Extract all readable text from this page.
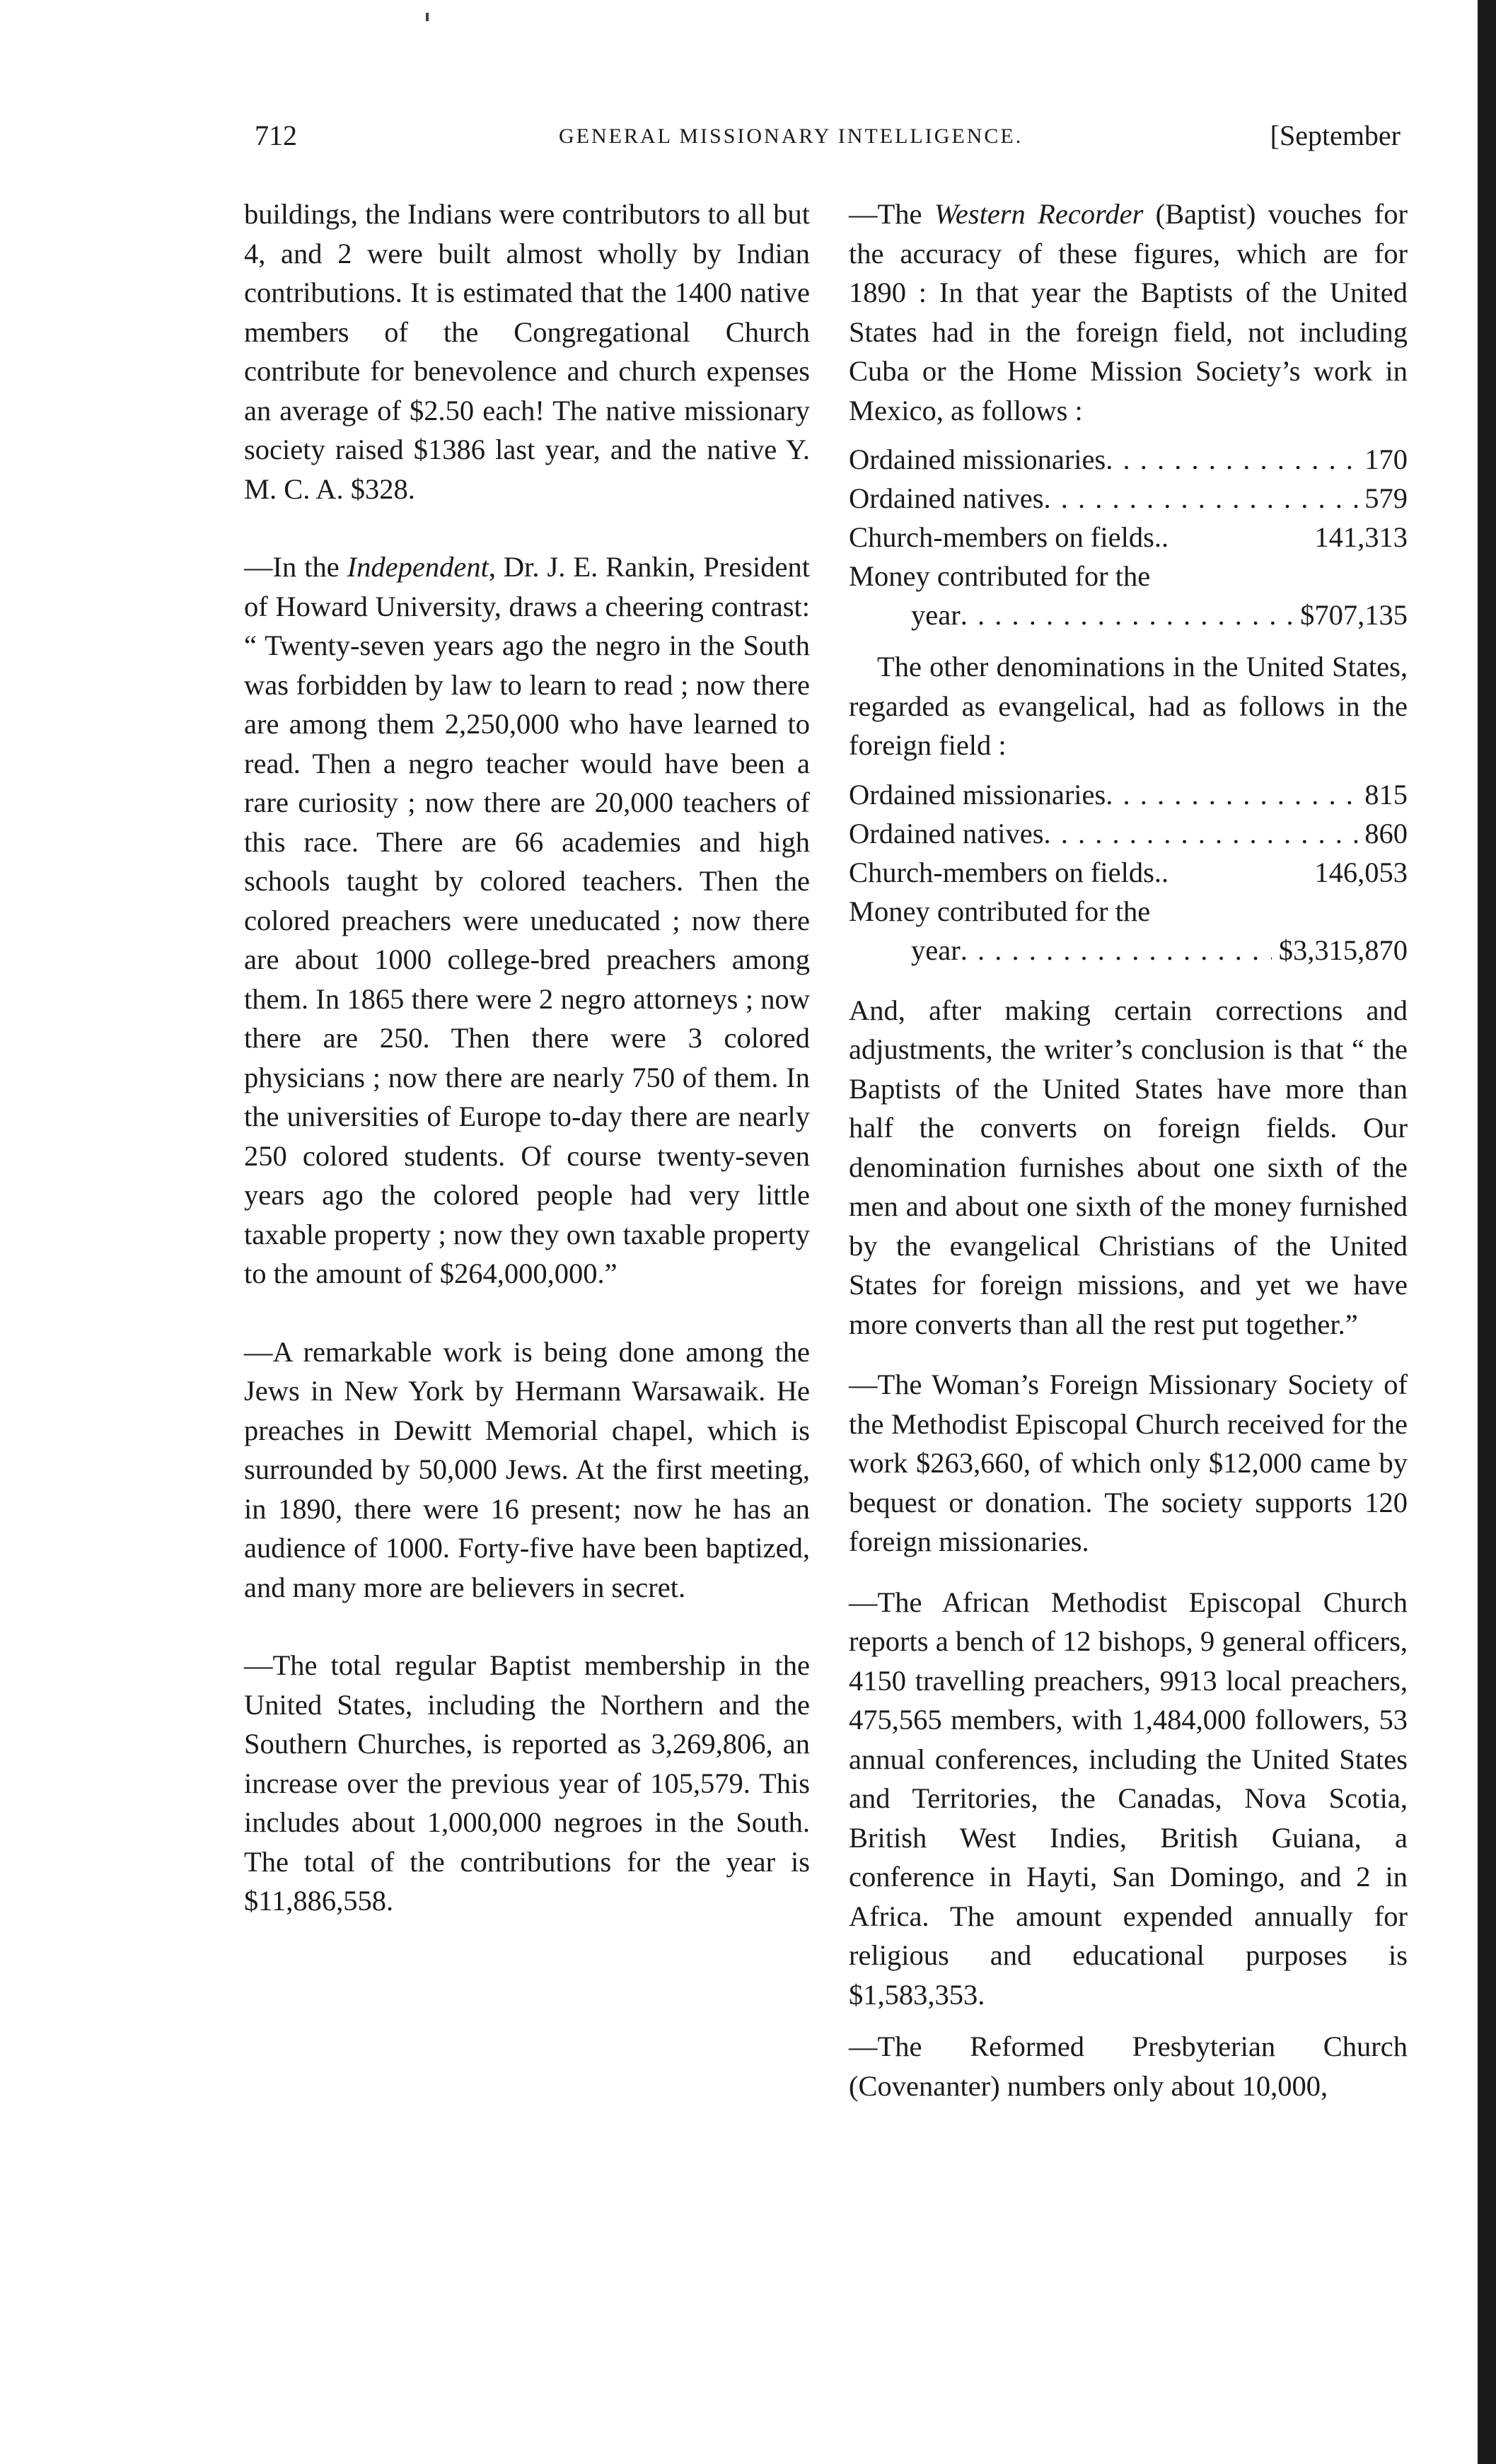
712	GENERAL MISSIONARY INTELLIGENCE.	[September

buildings, the Indians were contributors to all but 4, and 2 were built almost wholly by Indian contributions. It is estimated that the 1400 native members of the Congregational Church contribute for benevolence and church expenses an average of $2.50 each! The native missionary society raised $1386 last year, and the native Y. M. C. A. $328.

—In the Independent, Dr. J. E. Rankin, President of Howard University, draws a cheering contrast: “ Twenty-seven years ago the negro in the South was forbidden by law to learn to read ; now there are among them 2,250,000 who have learned to read. Then a negro teacher would have been a rare curiosity ; now there are 20,000 teachers of this race. There are 66 academies and high schools taught by colored teachers. Then the colored preachers were uneducated ; now there are about 1000 college-bred preachers among them. In 1865 there were 2 negro attorneys ; now there are 250. Then there were 3 colored physicians ; now there are nearly 750 of them. In the universities of Europe to-day there are nearly 250 colored students. Of course twenty-seven years ago the colored people had very little taxable property ; now they own taxable property to the amount of $264,000,000.”

—A remarkable work is being done among the Jews in New York by Hermann Warsawaik. He preaches in Dewitt Memorial chapel, which is surrounded by 50,000 Jews. At the first meeting, in 1890, there were 16 present; now he has an audience of 1000. Forty-five have been baptized, and many more are believers in secret.

—The total regular Baptist membership in the United States, including the Northern and the Southern Churches, is reported as 3,269,806, an increase over the previous year of 105,579. This includes about 1,000,000 negroes in the South. The total of the contributions for the year is $11,886,558.

—The Western Recorder (Baptist) vouches for the accuracy of these figures, which are for 1890 : In that year the Baptists of the United States had in the foreign field, not including Cuba or the Home Mission Society’s work in Mexico, as follows :

Ordained missionaries . . .	170
Ordained natives . . .	579
Church-members on fields..	141,313
Money contributed for the
year . . .	$707,135

The other denominations in the United States, regarded as evangelical, had as follows in the foreign field :

Ordained missionaries . . .	815
Ordained natives . . .	860
Church-members on fields..	146,053
Money contributed for the
year . . .	$3,315,870

And, after making certain corrections and adjustments, the writer’s conclusion is that “ the Baptists of the United States have more than half the converts on foreign fields. Our denomination furnishes about one sixth of the men and about one sixth of the money furnished by the evangelical Christians of the United States for foreign missions, and yet we have more converts than all the rest put together.”

—The Woman’s Foreign Missionary Society of the Methodist Episcopal Church received for the work $263,660, of which only $12,000 came by bequest or donation. The society supports 120 foreign missionaries.

—The African Methodist Episcopal Church reports a bench of 12 bishops, 9 general officers, 4150 travelling preachers, 9913 local preachers, 475,565 members, with 1,484,000 followers, 53 annual conferences, including the United States and Territories, the Canadas, Nova Scotia, British West Indies, British Guiana, a conference in Hayti, San Domingo, and 2 in Africa. The amount expended annually for religious and educational purposes is $1,583,353.

—The Reformed Presbyterian Church (Covenanter) numbers only about 10,000,
